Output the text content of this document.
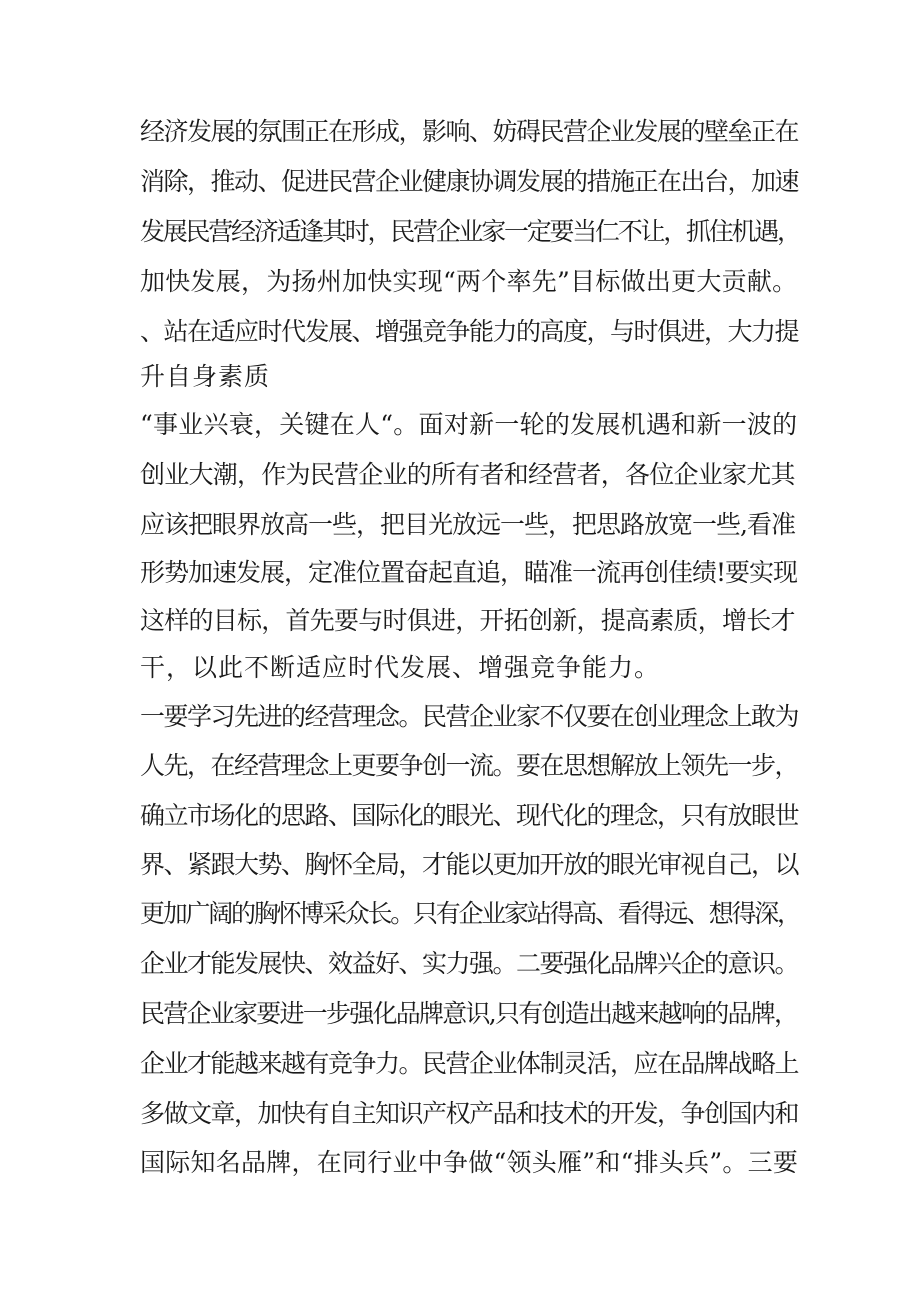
经济发展的氛围正在形成，影响、妨碍民营企业发展的壁垒正在

消除，推动、促进民营企业健康协调发展的措施正在出台，加速

发展民营经济适逢其时，民营企业家一定要当仁不让，抓住机遇，

加快发展，为扬州加快实现“两个率先”目标做出更大贡献。

、站在适应时代发展、增强竞争能力的高度，与时俱进，大力提

升自身素质

“事业兴衰，关键在人“。面对新一轮的发展机遇和新一波的

创业大潮，作为民营企业的所有者和经营者，各位企业家尤其

应该把眼界放高一些，把目光放远一些，把思路放宽一些,看准

形势加速发展，定准位置奋起直追，瞄准一流再创佳绩!要实现

这样的目标，首先要与时俱进，开拓创新，提高素质，增长才

干，以此不断适应时代发展、增强竞争能力。

一要学习先进的经营理念。民营企业家不仅要在创业理念上敢为

人先，在经营理念上更要争创一流。要在思想解放上领先一步，

确立市场化的思路、国际化的眼光、现代化的理念，只有放眼世

界、紧跟大势、胸怀全局，才能以更加开放的眼光审视自己，以

更加广阔的胸怀博采众长。只有企业家站得高、看得远、想得深，

企业才能发展快、效益好、实力强。二要强化品牌兴企的意识。

民营企业家要进一步强化品牌意识,只有创造出越来越响的品牌，

企业才能越来越有竞争力。民营企业体制灵活，应在品牌战略上

多做文章，加快有自主知识产权产品和技术的开发，争创国内和

国际知名品牌，在同行业中争做“领头雁”和“排头兵”。三要
